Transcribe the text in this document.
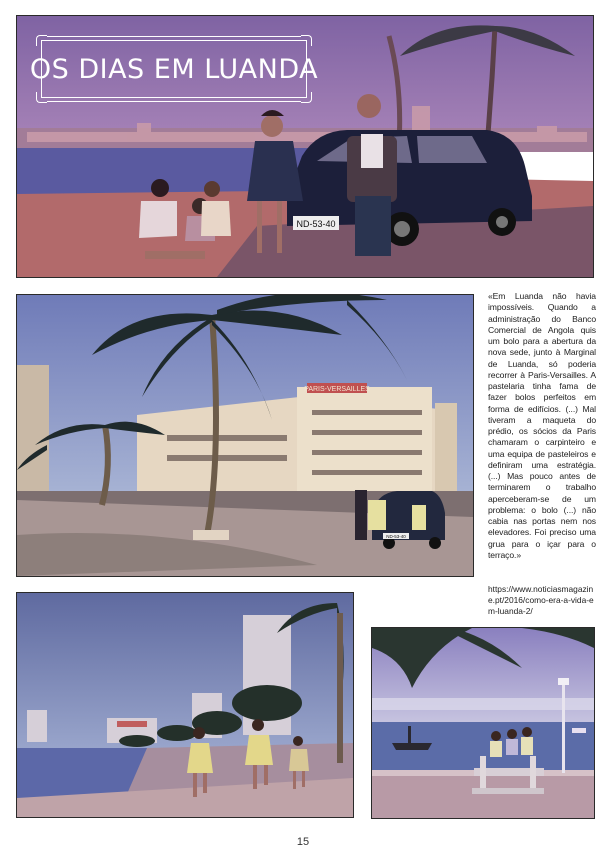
ND-53-40
OS DIAS EM LUANDA
PARIS-VERSAILLES
ND-53-40
«Em Luanda não havia impossíveis. Quando a administração do Banco Comercial de Angola quis um bolo para a abertura da nova sede, junto à Marginal de Luanda, só poderia recorrer à Paris-Versailles. A pastelaria tinha fama de fazer bolos perfeitos em forma de edifícios. (...) Mal tiveram a maqueta do prédio, os sócios da Paris chamaram o carpinteiro e uma equipa de pasteleiros e definiram uma estratégia. (...) Mas pouco antes de terminarem o trabalho aperceberam-se de um problema: o bolo (...) não cabia nas portas nem nos elevadores. Foi preciso uma grua para o içar para o terraço.»
https://www.noticiasmagazine.pt/2016/como-era-a-vida-em-luanda-2/
15
